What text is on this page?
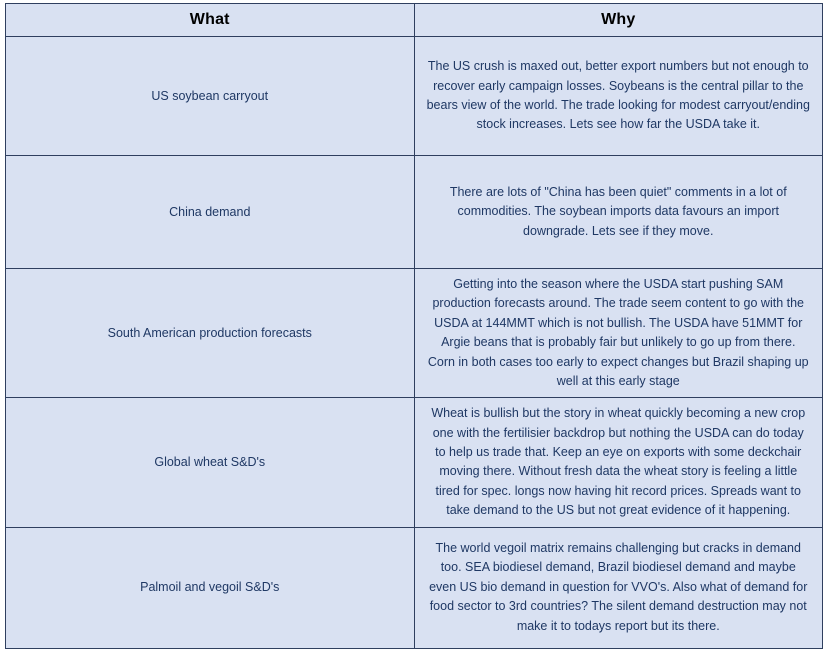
What	Why
US soybean carryout	The US crush is maxed out, better export numbers but not enough to recover early campaign losses. Soybeans is the central pillar to the bears view of the world. The trade looking for modest carryout/ending stock increases. Lets see how far the USDA take it.
China demand	There are lots of "China has been quiet" comments in a lot of commodities. The soybean imports data favours an import downgrade. Lets see if they move.
South American production forecasts	Getting into the season where the USDA start pushing SAM production forecasts around. The trade seem content to go with the USDA at 144MMT which is not bullish. The USDA have 51MMT for Argie beans that is probably fair but unlikely to go up from there. Corn in both cases too early to expect changes but Brazil shaping up well at this early stage
Global wheat S&D's	Wheat is bullish but the story in wheat quickly becoming a new crop one with the fertilisier backdrop but nothing the USDA can do today to help us trade that. Keep an eye on exports with some deckchair moving there. Without fresh data the wheat story is feeling a little tired for spec. longs now having hit record prices. Spreads want to take demand to the US but not great evidence of it happening.
Palmoil and vegoil S&D's	The world vegoil matrix remains challenging but cracks in demand too. SEA biodiesel demand, Brazil biodiesel demand and maybe even US bio demand in question for VVO's. Also what of demand for food sector to 3rd countries? The silent demand destruction may not make it to todays report but its there.
